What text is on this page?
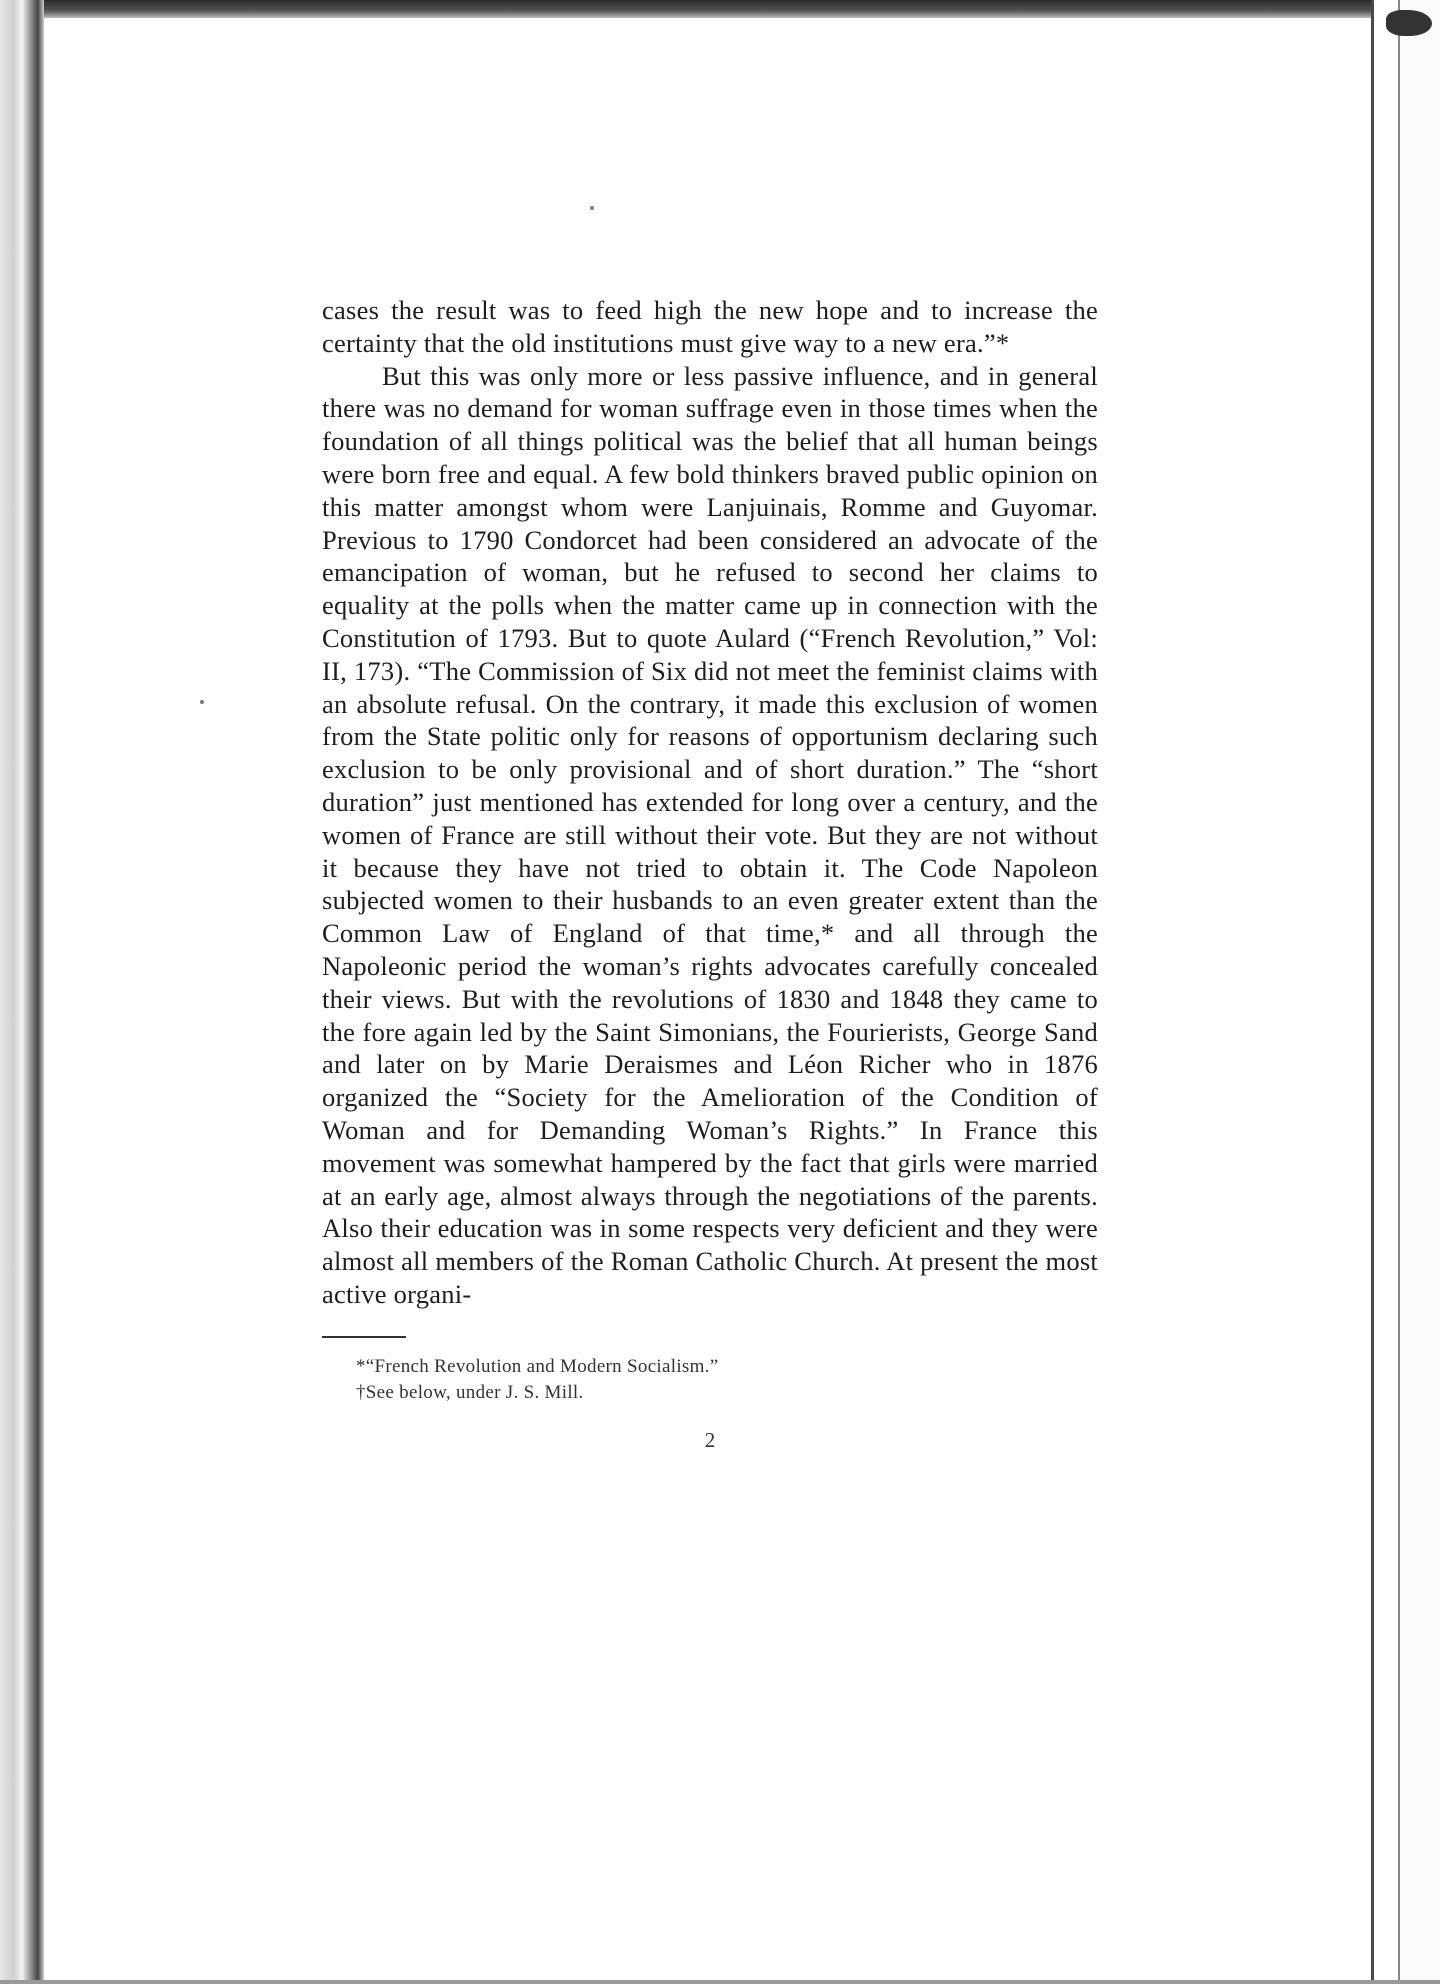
cases the result was to feed high the new hope and to increase the certainty that the old institutions must give way to a new era.”*

But this was only more or less passive influence, and in general there was no demand for woman suffrage even in those times when the foundation of all things political was the belief that all human beings were born free and equal. A few bold thinkers braved public opinion on this matter amongst whom were Lanjuinais, Romme and Guyomar. Previous to 1790 Condorcet had been considered an advocate of the emancipation of woman, but he refused to second her claims to equality at the polls when the matter came up in connection with the Constitution of 1793. But to quote Aulard (“French Revolution,” Vol: II, 173). “The Commission of Six did not meet the feminist claims with an absolute refusal. On the contrary, it made this exclusion of women from the State politic only for reasons of opportunism declaring such exclusion to be only provisional and of short duration.” The “short duration” just mentioned has extended for long over a century, and the women of France are still without their vote. But they are not without it because they have not tried to obtain it. The Code Napoleon subjected women to their husbands to an even greater extent than the Common Law of England of that time,* and all through the Napoleonic period the woman’s rights advocates carefully concealed their views. But with the revolutions of 1830 and 1848 they came to the fore again led by the Saint Simonians, the Fourierists, George Sand and later on by Marie Deraismes and Léon Richer who in 1876 organized the “Society for the Amelioration of the Condition of Woman and for Demanding Woman’s Rights.” In France this movement was somewhat hampered by the fact that girls were married at an early age, almost always through the negotiations of the parents. Also their education was in some respects very deficient and they were almost all members of the Roman Catholic Church. At present the most active organi-

*“French Revolution and Modern Socialism.”

†See below, under J. S. Mill.

2
